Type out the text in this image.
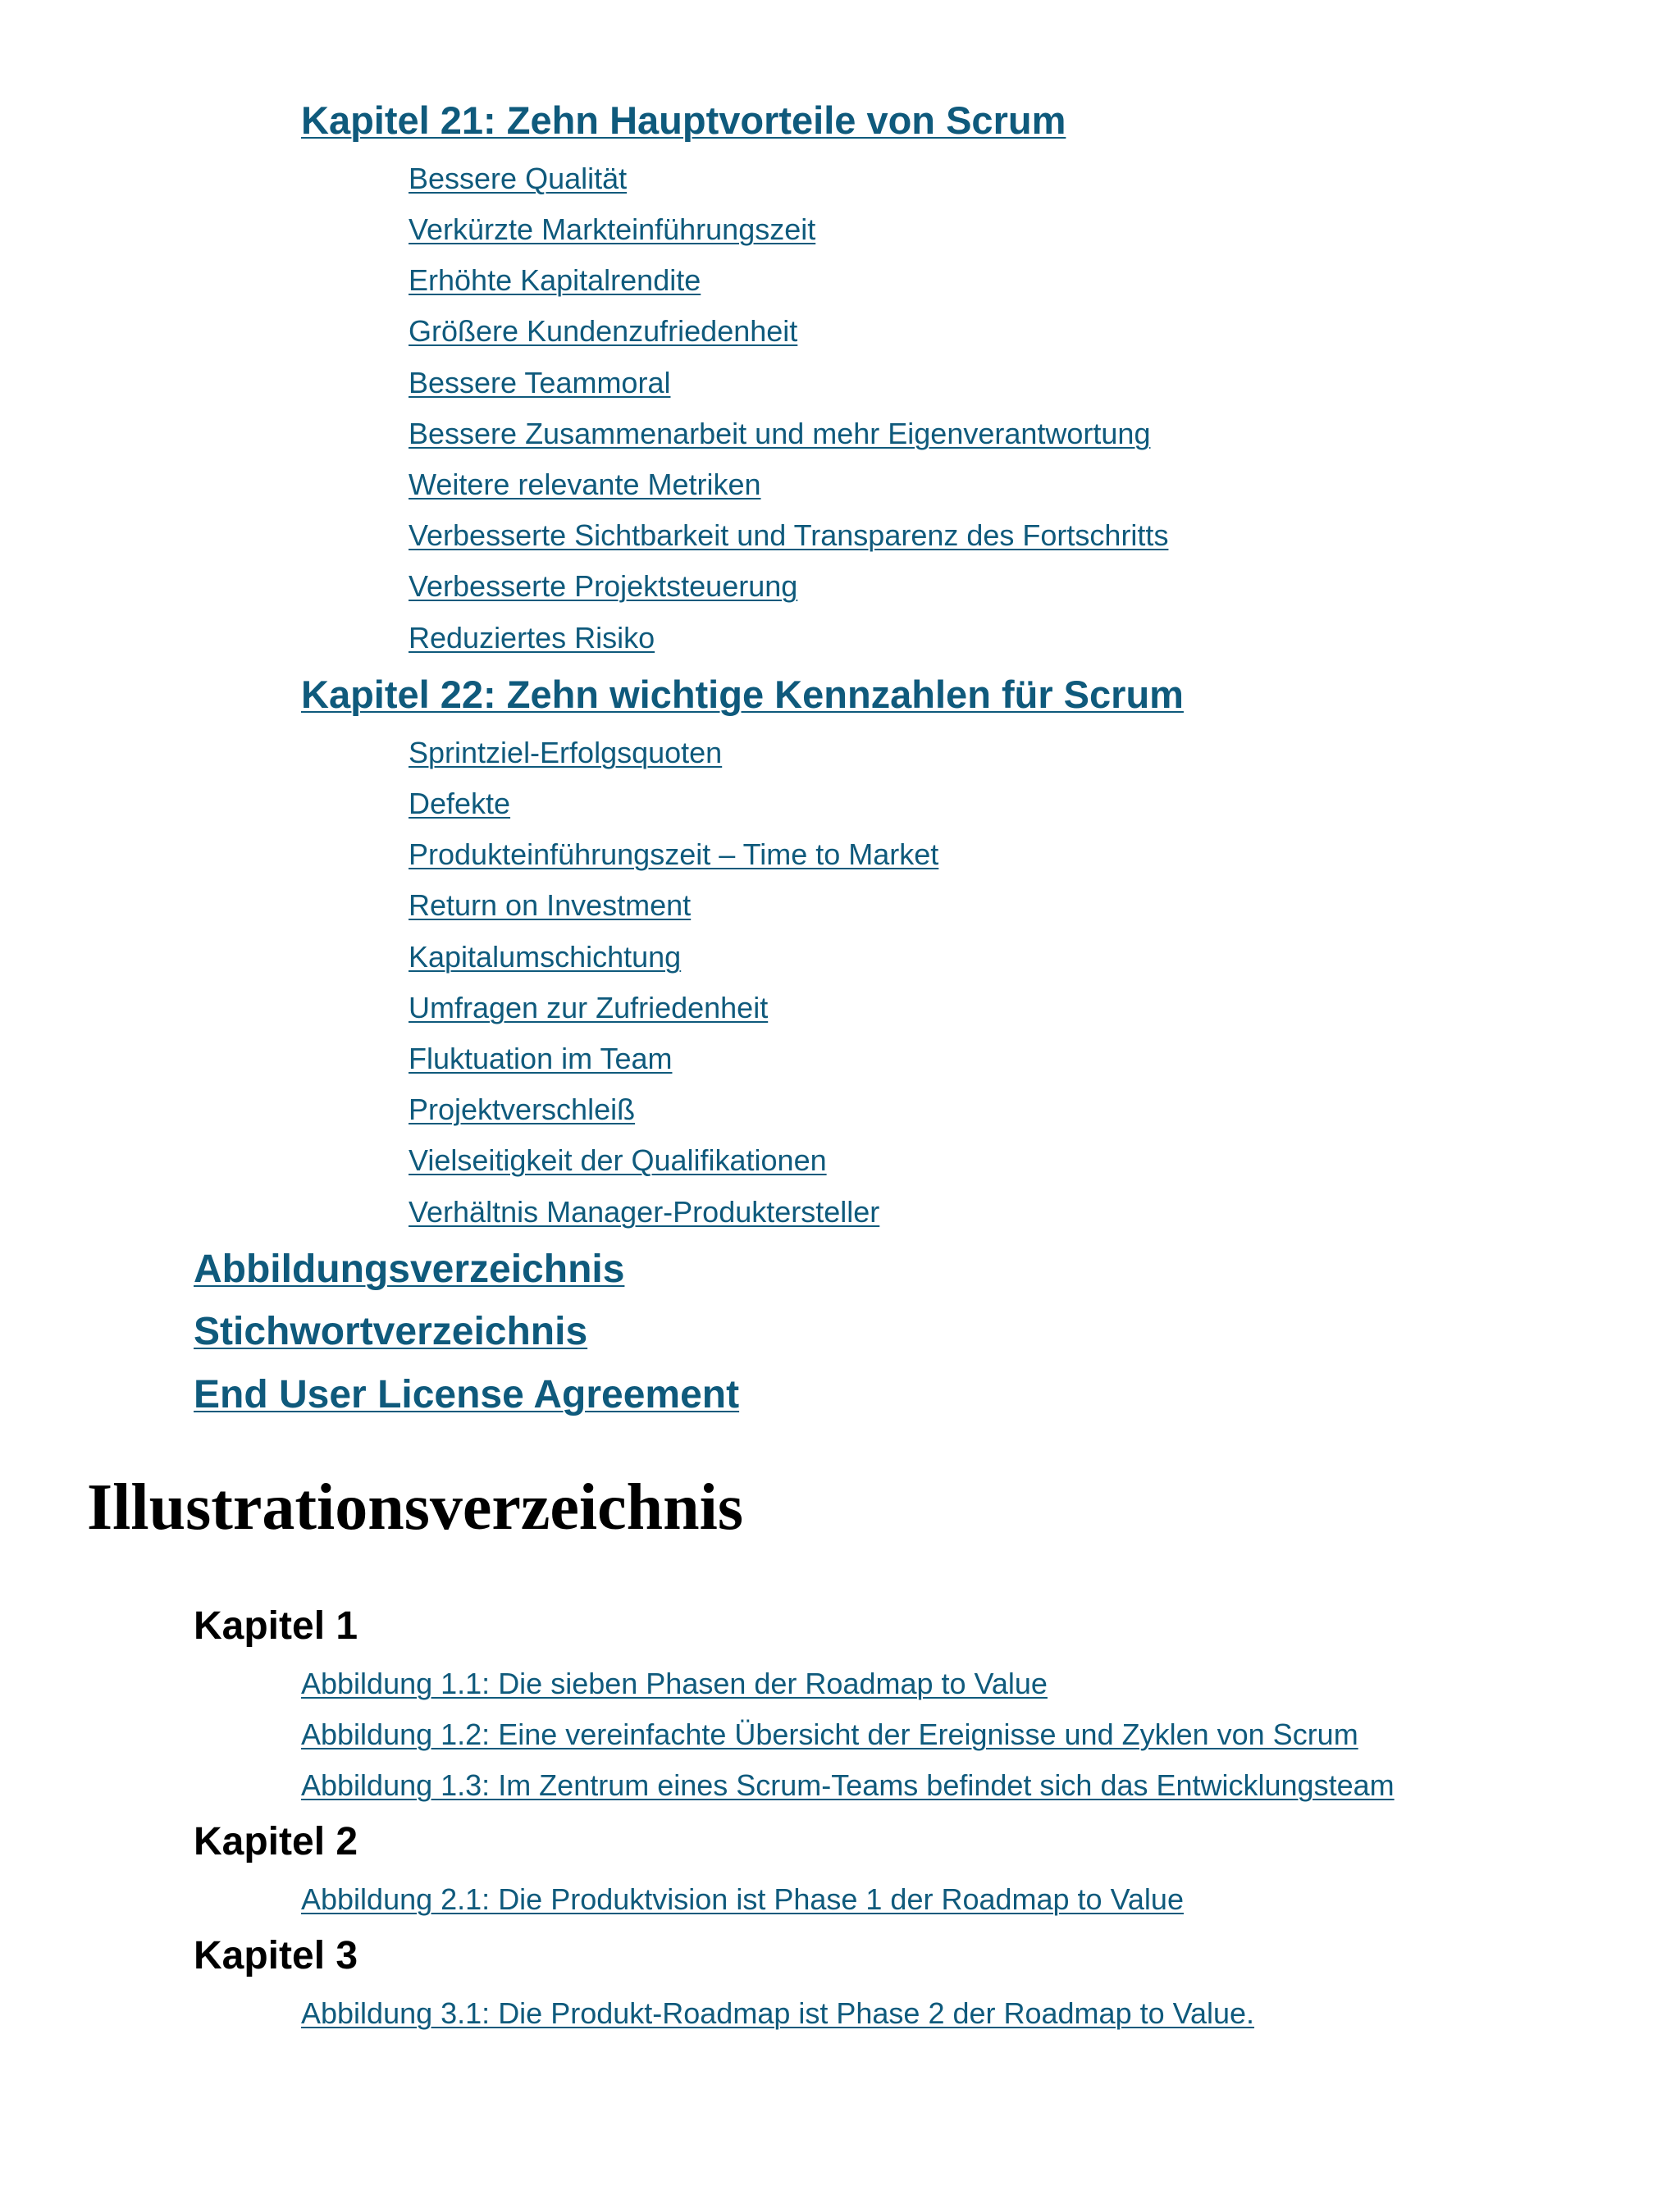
Kapitel 21: Zehn Hauptvorteile von Scrum
Bessere Qualität
Verkürzte Markteinführungszeit
Erhöhte Kapitalrendite
Größere Kundenzufriedenheit
Bessere Teammoral
Bessere Zusammenarbeit und mehr Eigenverantwortung
Weitere relevante Metriken
Verbesserte Sichtbarkeit und Transparenz des Fortschritts
Verbesserte Projektsteuerung
Reduziertes Risiko
Kapitel 22: Zehn wichtige Kennzahlen für Scrum
Sprintziel-Erfolgsquoten
Defekte
Produkteinführungszeit – Time to Market
Return on Investment
Kapitalumschichtung
Umfragen zur Zufriedenheit
Fluktuation im Team
Projektverschleiß
Vielseitigkeit der Qualifikationen
Verhältnis Manager-Produktersteller
Abbildungsverzeichnis
Stichwortverzeichnis
End User License Agreement
Illustrationsverzeichnis
Kapitel 1
Abbildung 1.1: Die sieben Phasen der Roadmap to Value
Abbildung 1.2: Eine vereinfachte Übersicht der Ereignisse und Zyklen von Scrum
Abbildung 1.3: Im Zentrum eines Scrum-Teams befindet sich das Entwicklungsteam
Kapitel 2
Abbildung 2.1: Die Produktvision ist Phase 1 der Roadmap to Value
Kapitel 3
Abbildung 3.1: Die Produkt-Roadmap ist Phase 2 der Roadmap to Value.
